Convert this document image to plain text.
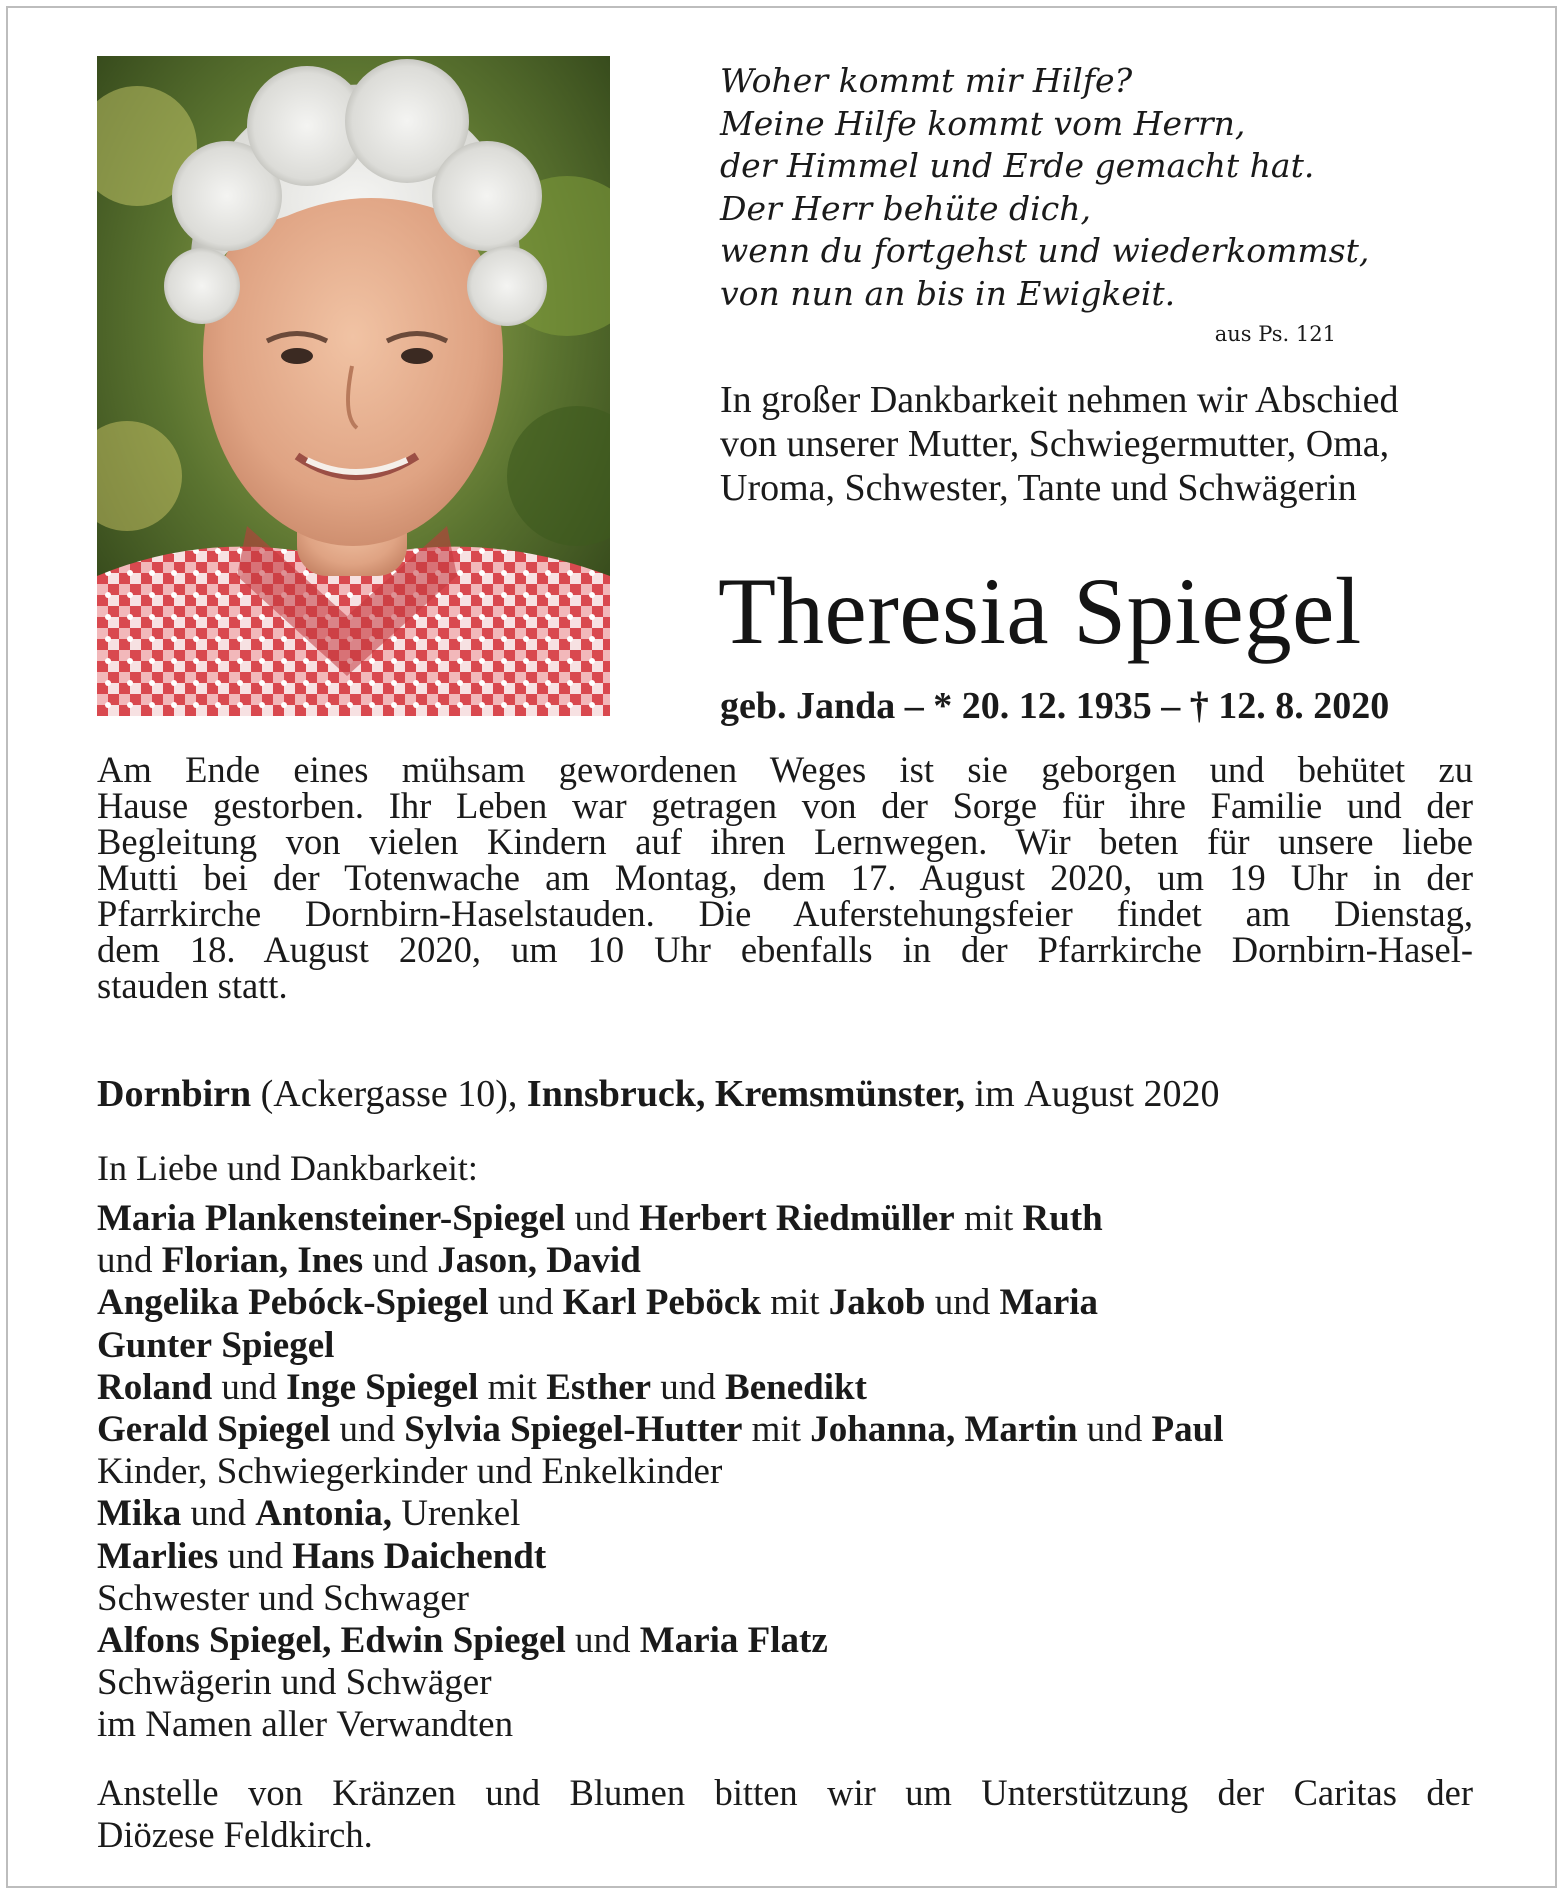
Woher kommt mir Hilfe?
Meine Hilfe kommt vom Herrn,
der Himmel und Erde gemacht hat.
Der Herr behüte dich,
wenn du fortgehst und wiederkommst,
von nun an bis in Ewigkeit.
aus Ps. 121
In großer Dankbarkeit nehmen wir Abschied
von unserer Mutter, Schwiegermutter, Oma,
Uroma, Schwester, Tante und Schwägerin
Theresia Spiegel
geb. Janda – * 20. 12. 1935 – † 12. 8. 2020
Am Ende eines mühsam gewordenen Weges ist sie geborgen und behütet zu
Hause gestorben. Ihr Leben war getragen von der Sorge für ihre Familie und der
Begleitung von vielen Kindern auf ihren Lernwegen. Wir beten für unsere liebe
Mutti bei der Totenwache am Montag, dem 17. August 2020, um 19 Uhr in der
Pfarrkirche Dornbirn-Haselstauden. Die Auferstehungsfeier findet am Dienstag,
dem 18. August 2020, um 10 Uhr ebenfalls in der Pfarrkirche Dornbirn-Hasel-
stauden statt.
Dornbirn (Ackergasse 10), Innsbruck, Kremsmünster, im August 2020
In Liebe und Dankbarkeit:
Maria Plankensteiner-Spiegel und Herbert Riedmüller mit Ruth
und Florian, Ines und Jason, David
Angelika Pebóck-Spiegel und Karl Peböck mit Jakob und Maria
Gunter Spiegel
Roland und Inge Spiegel mit Esther und Benedikt
Gerald Spiegel und Sylvia Spiegel-Hutter mit Johanna, Martin und Paul
Kinder, Schwiegerkinder und Enkelkinder
Mika und Antonia, Urenkel
Marlies und Hans Daichendt
Schwester und Schwager
Alfons Spiegel, Edwin Spiegel und Maria Flatz
Schwägerin und Schwäger
im Namen aller Verwandten
Anstelle von Kränzen und Blumen bitten wir um Unterstützung der Caritas der
Diözese Feldkirch.
